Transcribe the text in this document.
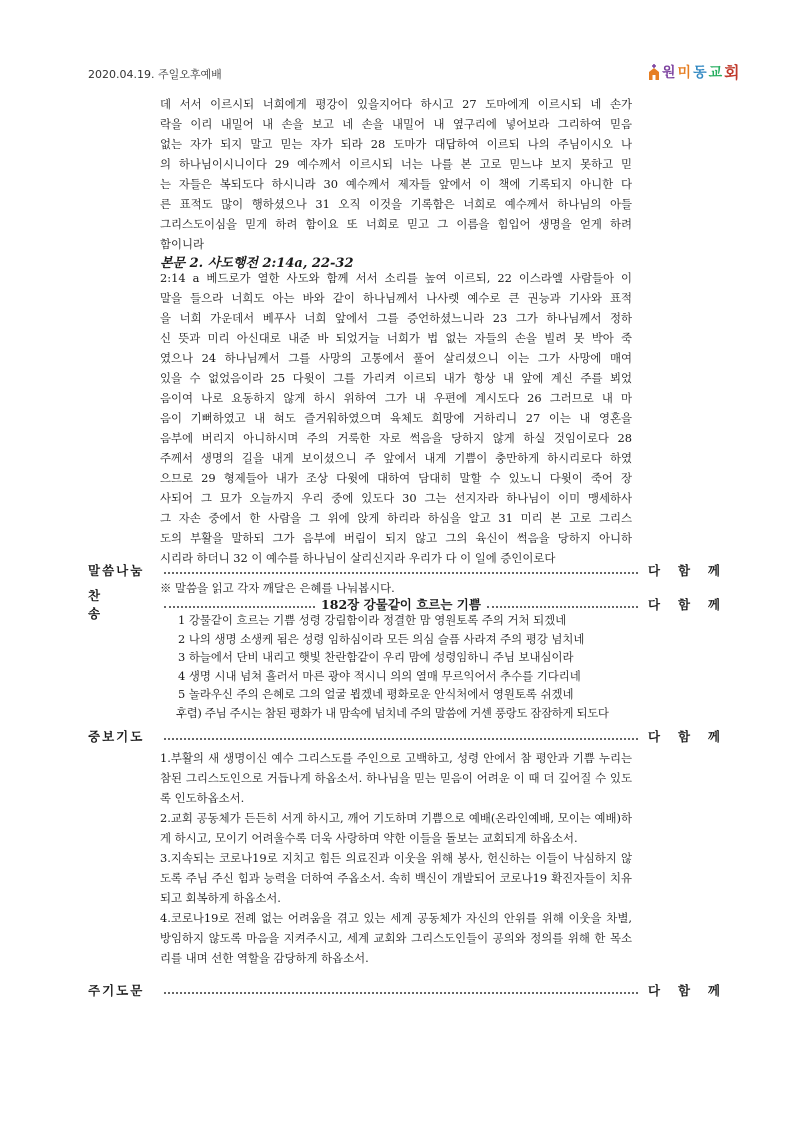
2020.04.19. 주일오후예배	원 미 동 교 회
데 서서 이르시되 너희에게 평강이 있을지어다 하시고 27 도마에게 이르시되 네 손가
락을 이리 내밀어 내 손을 보고 네 손을 내밀어 내 옆구리에 넣어보라 그리하여 믿음
없는 자가 되지 말고 믿는 자가 되라 28 도마가 대답하여 이르되 나의 주님이시오 나
의 하나님이시니이다 29 예수께서 이르시되 너는 나를 본 고로 믿느냐 보지 못하고 믿
는 자들은 복되도다 하시니라 30 예수께서 제자들 앞에서 이 책에 기록되지 아니한 다
른 표적도 많이 행하셨으나 31 오직 이것을 기록함은 너희로 예수께서 하나님의 아들
그리스도이심을 믿게 하려 함이요 또 너희로 믿고 그 이름을 힘입어 생명을 얻게 하려
함이니라
본문 2. 사도행전 2:14a, 22-32
2:14 a 베드로가 열한 사도와 함께 서서 소리를 높여 이르되, 22 이스라엘 사람들아 이
말을 들으라 너희도 아는 바와 같이 하나님께서 나사렛 예수로 큰 권능과 기사와 표적
을 너희 가운데서 베푸사 너희 앞에서 그를 증언하셨느니라 23 그가 하나님께서 정하
신 뜻과 미리 아신대로 내준 바 되었거늘 너희가 법 없는 자들의 손을 빌려 못 박아 죽
였으나 24 하나님께서 그를 사망의 고통에서 풀어 살리셨으니 이는 그가 사망에 매여
있을 수 없었음이라 25 다윗이 그를 가리켜 이르되 내가 항상 내 앞에 계신 주를 뵈었
음이여 나로 요동하지 않게 하시 위하여 그가 내 우편에 계시도다 26 그러므로 내 마
음이 기뻐하였고 내 혀도 즐거워하였으며 육체도 희망에 거하리니 27 이는 내 영혼을
음부에 버리지 아니하시며 주의 거룩한 자로 썩음을 당하지 않게 하실 것임이로다 28
주께서 생명의 길을 내게 보이셨으니 주 앞에서 내게 기쁨이 충만하게 하시리로다 하였
으므로 29 형제들아 내가 조상 다윗에 대하여 담대히 말할 수 있노니 다윗이 죽어 장
사되어 그 묘가 오늘까지 우리 중에 있도다 30 그는 선지자라 하나님이 이미 맹세하사
그 자손 중에서 한 사람을 그 위에 앉게 하리라 하심을 알고 31 미리 본 고로 그리스
도의 부활을 말하되 그가 음부에 버림이 되지 않고 그의 육신이 썩음을 당하지 아니하
시리라 하더니 32 이 예수를 하나님이 살리신지라 우리가 다 이 일에 증인이로다
말씀나눔	다 함 께
※ 말씀을 읽고 각자 깨달은 은혜를 나눠봅시다.
찬 송
182장 강물같이 흐르는 기쁨	다 함 께
1 강물같이 흐르는 기쁨 성령 강림함이라 정결한 맘 영원토록 주의 거처 되겠네
2 나의 생명 소생케 됨은 성령 임하심이라 모든 의심 슬픔 사라져 주의 평강 넘치네
3 하늘에서 단비 내리고 햇빛 찬란함같이 우리 맘에 성령임하니 주님 보내심이라
4 생명 시내 넘쳐 흘러서 마른 광야 적시니 의의 열매 무르익어서 추수를 기다리네
5 놀라우신 주의 은혜로 그의 얼굴 뵙겠네 평화로운 안식처에서 영원토록 쉬겠네
후렴) 주님 주시는 참된 평화가 내 맘속에 넘치네 주의 말씀에 거센 풍랑도 잠잠하게 되도다
중보기도	다 함 께

1.부활의 새 생명이신 예수 그리스도를 주인으로 고백하고, 성령 안에서 참 평안과 기쁨 누리는 참된 그리스도인으로 거듭나게 하옵소서. 하나님을 믿는 믿음이 어려운 이 때 더 깊어질 수 있도록 인도하옵소서.

2.교회 공동체가 든든히 서게 하시고, 깨어 기도하며 기쁨으로 예배(온라인예배, 모이는 예배)하게 하시고, 모이기 어려울수록 더욱 사랑하며 약한 이들을 돌보는 교회되게 하옵소서.

3.지속되는 코로나19로 지치고 힘든 의료진과 이웃을 위해 봉사, 헌신하는 이들이 낙심하지 않도록 주님 주신 힘과 능력을 더하여 주옵소서. 속히 백신이 개발되어 코로나19 확진자들이 치유되고 회복하게 하옵소서.

4.코로나19로 전례 없는 어려움을 겪고 있는 세계 공동체가 자신의 안위를 위해 이웃을 차별, 방임하지 않도록 마음을 지켜주시고, 세계 교회와 그리스도인들이 공의와 정의를 위해 한 목소리를 내며 선한 역할을 감당하게 하옵소서.

주기도문	다 함 께
